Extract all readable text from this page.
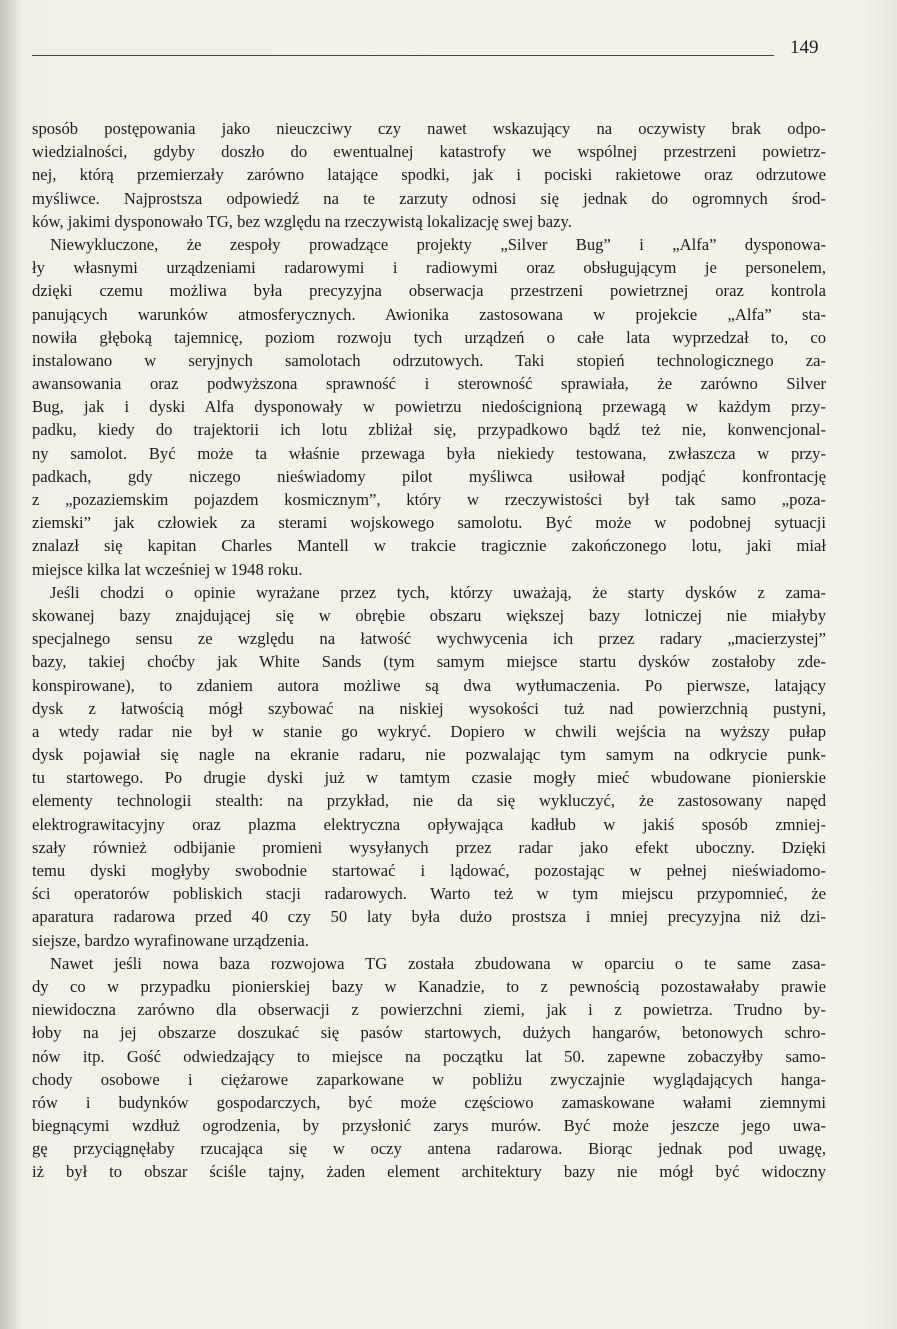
149
sposób postępowania jako nieuczciwy czy nawet wskazujący na oczywisty brak odpo-
wiedzialności, gdyby doszło do ewentualnej katastrofy we wspólnej przestrzeni powietrz-
nej, którą przemierzały zarówno latające spodki, jak i pociski rakietowe oraz odrzutowe
myśliwce. Najprostsza odpowiedź na te zarzuty odnosi się jednak do ogromnych środ-
ków, jakimi dysponowało TG, bez względu na rzeczywistą lokalizację swej bazy.
Niewykluczone, że zespoły prowadzące projekty „Silver Bug” i „Alfa” dysponowa-
ły własnymi urządzeniami radarowymi i radiowymi oraz obsługującym je personelem,
dzięki czemu możliwa była precyzyjna obserwacja przestrzeni powietrznej oraz kontrola
panujących warunków atmosferycznych. Awionika zastosowana w projekcie „Alfa” sta-
nowiła głęboką tajemnicę, poziom rozwoju tych urządzeń o całe lata wyprzedzał to, co
instalowano w seryjnych samolotach odrzutowych. Taki stopień technologicznego za-
awansowania oraz podwyższona sprawność i sterowność sprawiała, że zarówno Silver
Bug, jak i dyski Alfa dysponowały w powietrzu niedoścignioną przewagą w każdym przy-
padku, kiedy do trajektorii ich lotu zbliżał się, przypadkowo bądź też nie, konwencjonal-
ny samolot. Być może ta właśnie przewaga była niekiedy testowana, zwłaszcza w przy-
padkach, gdy niczego nieświadomy pilot myśliwca usiłował podjąć konfrontację
z „pozaziemskim pojazdem kosmicznym”, który w rzeczywistości był tak samo „poza-
ziemski” jak człowiek za sterami wojskowego samolotu. Być może w podobnej sytuacji
znalazł się kapitan Charles Mantell w trakcie tragicznie zakończonego lotu, jaki miał
miejsce kilka lat wcześniej w 1948 roku.
Jeśli chodzi o opinie wyrażane przez tych, którzy uważają, że starty dysków z zama-
skowanej bazy znajdującej się w obrębie obszaru większej bazy lotniczej nie miałyby
specjalnego sensu ze względu na łatwość wychwycenia ich przez radary „macierzystej”
bazy, takiej choćby jak White Sands (tym samym miejsce startu dysków zostałoby zde-
konspirowane), to zdaniem autora możliwe są dwa wytłumaczenia. Po pierwsze, latający
dysk z łatwością mógł szybować na niskiej wysokości tuż nad powierzchnią pustyni,
a wtedy radar nie był w stanie go wykryć. Dopiero w chwili wejścia na wyższy pułap
dysk pojawiał się nagle na ekranie radaru, nie pozwalając tym samym na odkrycie punk-
tu startowego. Po drugie dyski już w tamtym czasie mogły mieć wbudowane pionierskie
elementy technologii stealth: na przykład, nie da się wykluczyć, że zastosowany napęd
elektrograwitacyjny oraz plazma elektryczna opływająca kadłub w jakiś sposób zmniej-
szały również odbijanie promieni wysyłanych przez radar jako efekt uboczny. Dzięki
temu dyski mogłyby swobodnie startować i lądować, pozostając w pełnej nieświadomo-
ści operatorów pobliskich stacji radarowych. Warto też w tym miejscu przypomnieć, że
aparatura radarowa przed 40 czy 50 laty była dużo prostsza i mniej precyzyjna niż dzi-
siejsze, bardzo wyrafinowane urządzenia.
Nawet jeśli nowa baza rozwojowa TG została zbudowana w oparciu o te same zasa-
dy co w przypadku pionierskiej bazy w Kanadzie, to z pewnością pozostawałaby prawie
niewidoczna zarówno dla obserwacji z powierzchni ziemi, jak i z powietrza. Trudno by-
łoby na jej obszarze doszukać się pasów startowych, dużych hangarów, betonowych schro-
nów itp. Gość odwiedzający to miejsce na początku lat 50. zapewne zobaczyłby samo-
chody osobowe i ciężarowe zaparkowane w pobliżu zwyczajnie wyglądających hanga-
rów i budynków gospodarczych, być może częściowo zamaskowane wałami ziemnymi
biegnącymi wzdłuż ogrodzenia, by przysłonić zarys murów. Być może jeszcze jego uwa-
gę przyciągnęłaby rzucająca się w oczy antena radarowa. Biorąc jednak pod uwagę,
iż był to obszar ściśle tajny, żaden element architektury bazy nie mógł być widoczny
